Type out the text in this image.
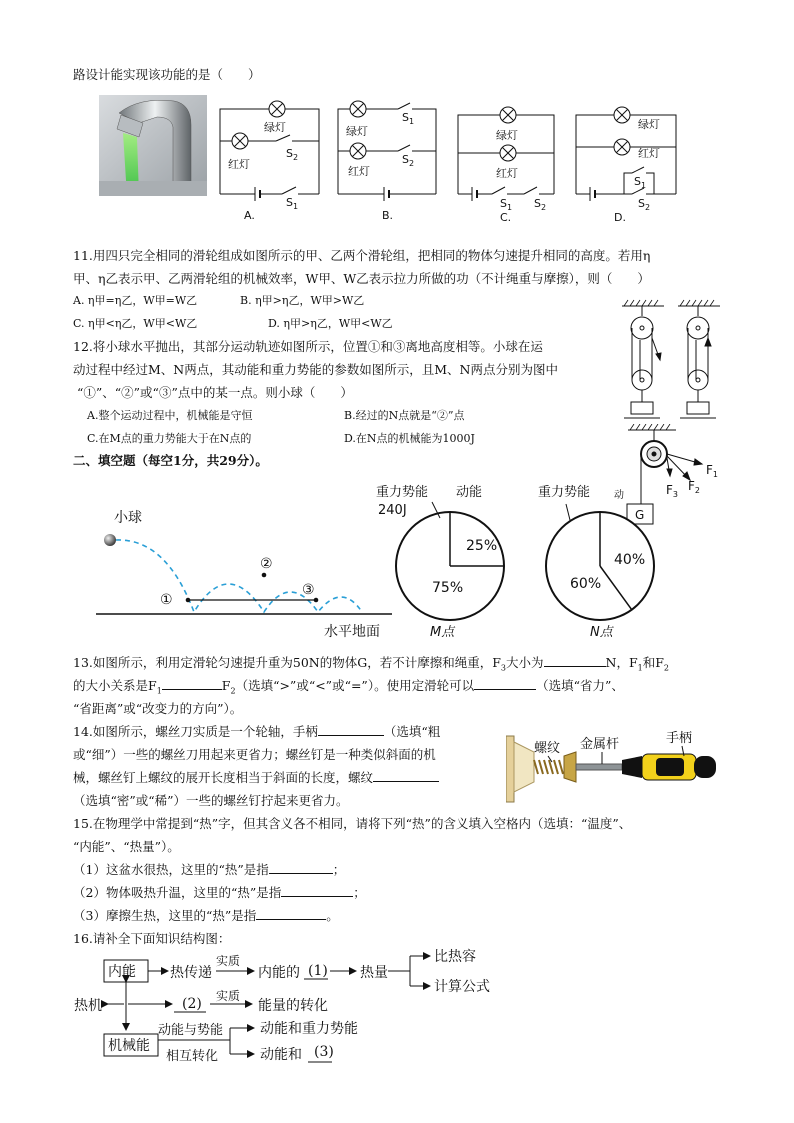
路设计能实现该功能的是（　　）
绿灯
红灯
$S_2$
$S_1$
A.
绿灯
$S_1$
红灯
$S_2$
B.
绿灯
红灯
$S_1$ $S_2$
C.
绿灯
红灯
$S_1$
$S_2$
D.
11.用四只完全相同的滑轮组成如图所示的甲、乙两个滑轮组，把相同的物体匀速提升相同的高度。若用η
甲、η乙表示甲、乙两滑轮组的机械效率，W甲、W乙表示拉力所做的功（不计绳重与摩擦），则（　　）
A. η甲=η乙，W甲=W乙	B. η甲>η乙，W甲>W乙
C. η甲<η乙，W甲<W乙	D. η甲>η乙，W甲<W乙
12.将小球水平抛出，其部分运动轨迹如图所示，位置①和③离地高度相等。小球在运
动过程中经过M、N两点，其动能和重力势能的参数如图所示，且M、N两点分别为图中
“①”、“②”或“③”点中的某一点。则小球（　　）
A.整个运动过程中，机械能是守恒	B.经过的N点就是“②”点
C.在M点的重力势能大于在N点的	D.在N点的机械能为1000J
二、填空题（每空1分，共29分）。
$F_1$
$F_2$
$F_3$
G
小球
①
②
③
水平地面
重力势能 动能
240J
M点
重力势能 动
N点
25%
75%
40%
60%
13.如图所示，利用定滑轮匀速提升重为50N的物体G，若不计摩擦和绳重，$F_3$大小为	N，$F_1$和$F_2$
的大小关系是$F_1$	$F_2$（选填“>”或“<”或“=”）。使用定滑轮可以	（选填“省力”、
“省距离”或“改变力的方向”）。
14.如图所示，螺丝刀实质是一个轮轴，手柄	（选填“粗
或“细”）一些的螺丝刀用起来更省力；螺丝钉是一种类似斜面的机
械，螺丝钉上螺纹的展开长度相当于斜面的长度，螺纹
（选填“密”或“稀”）一些的螺丝钉拧起来更省力。
螺纹 金属杆	手柄
15.在物理学中常提到“热”字，但其含义各不相同，请将下列“热”的含义填入空格内（选填：“温度”、
“内能”、“热量”）。
（1）这盆水很热，这里的“热”是指	；
（2）物体吸热升温，这里的“热”是指	；
（3）摩擦生热，这里的“热”是指	。
16.请补全下面知识结构图：
内能 热传递
实质
内能的 (1) 热量
比热容
计算公式
热机	(2) 实质
能量的转化
机械能
动能与势能
相互转化
动能和重力势能
动能和 (3)
